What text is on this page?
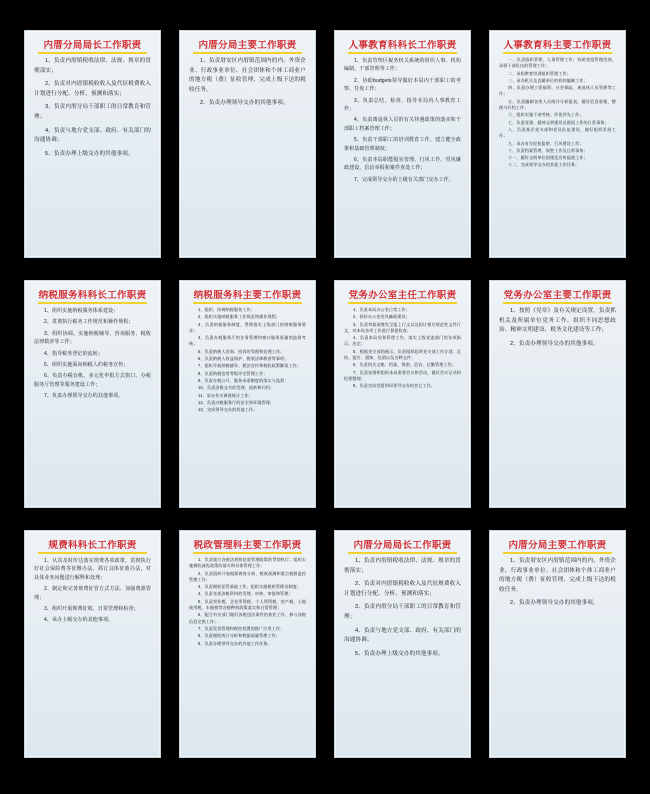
内厝分局局长工作职责

1、负责内厝镇税收法律、法规、规章的贯彻部实；

2、负责对内厝镇税收收入及代征税费收入计划进行分配、分析、预测和落实；

3、负责内厝分局干部职工的日常教育和管理；

4、负责与地方党支部、政府、有关部门的沟通协调；

5、负责办理上级交办的其他事项。

内厝分局主要工作职责

1、负责厝安区内厝镇范围内的内、外资企业、行政事业单位、社会团体和个体工商业户的地方税（费）征收管理，完成上级下达的税收任务。

2、负责办理领导交办的其他事项。

人事教育科科长工作职责

1、负责管理区税务机关系统的组织人事、机构编制、干部管理等工作；

2、协助budgets领导做好本局内干部职工的考察、任免工作；

3、负责总结、检查、指导本局内人事教育工作；

4、负责离退休人员的有关待遇政策的落实和干部职工档案管理工作；

5、负责干部职工的培训教育工作，建立健全政策和基础管理制度；

6、负责本局职能股室管理、行风工作、党风廉政建设、信访举报和案件查处工作；

7、完成领导交办的上级有关部门交办工作。

人事教育科主要工作职责

一、负责组织管理、人事管理工作；协助党组管理范围，承担干部队伍的管理工作；

二、承担教育培训组织管理工作；

三、承办机关及直属单位的机构编制工作；

四、负责办理工资福利、社会保险、离退休人员管理等工作；

五、负责编制各类人员统计分析报表，做好信息收集、整理与归档工作；

六、组织实施干部考核、评优评先工作；

七、负责党建、精神文明建设及群团工作的日常事务；

八、负责基层党支部和党员队伍建设，做好组织发展工作；

九、承办有关纪检监察、行风建设工作；

十、负责档案管理、保密工作及日常事务；

十一、做好文明单位创建及宣传报道工作；

十二、完成领导交办的其他工作任务。

纳税服务科科长工作职责

1、组织实施纳税服务体系建设；

2、贯彻执行税务工作规范和操作规程；

3、组织协调、实施纳税辅导、咨询服务、税收法律救济等工作；

4、指导税务登记的流转；

5、组织实施面向纳税人的税务宣传；

6、负责办税台帐、多元化申报方式窗口、办税服务厅管理等服务建设工作；

7、负责办理领导交办的其他事项。

纳税服务科主要工作职责

1、组织、协调纳税服务工作；

2、组织实施纳税服务工作规范和操作规程；

3、负责纳税服务制度，贯彻落实上级部门的纳税服务要求；

4、负责办税服务厅的业务管理和窗口服务质量的监督考核；

5、负责纳税人咨询、投诉的受理和处理工作；

6、负责纳税人权益保护、税收法律救济等事项；

7、组织开展纳税辅导、税法宣传和税收政策解读工作；

8、负责纳税信用等级评定管理工作；

9、负责办税公开、服务承诺制度的落实与监督；

10、负责涉税文书的受理、流转和归档；

11、承办有关调查统计工作；

12、负责办税服务厅的安全和环境管理；

13、完成领导交办的其他工作。

党务办公室主任工作职责

1、负责本局办公室日常工作；

2、抓好办公室党风廉政建设；

3、负责草拟或签发呈报上行文以及拟订相应规范性文件行文，对本局各项工作进行督促检查；

4、负责本局党务管理工作，落实上级党委部门的各项指示、决定；

5、根据党支部的指示，负责组织起草党支部工作计划、总结、报告、通知、信函以及各种文件；

6、负责机关文秘、档案、保密、信访、后勤管理工作；

7、负责安排和组织本局重要会议和活动，做好会议记录和纪要整理；

8、负责完成党组和局领导交办的其它工作。

党务办公室主要工作职责

1、按照《党章》及有关规定设置，负责抓机关及所属单位党务工作，组织不同思想政治、精神文明建设、税务文化建设等工作；

2、负责办理领导交办的其他事项。

规费科科长工作职责

1、认真及时传达落实规费各项政策，贯彻执行好社会保险费等征缴办法、抓订具体征收办法，对具体业务问题进行解释和处理；

2、制定和完善规费征管方式方法、加强费源管理；

3、组织开展规费征收、日常管理和检查；

4、承办上级交办的其他事项。

税政管理科主要工作职责

1、负责地方各税法规和征收管理政策的贯彻执行；组织实施税收减免政策的落实和具体管理工作；

2、负责组织开展税源调查分析、税收预测和重点税源监控管理工作；

3、负责税收征管基础工作，组织实施税收管理员制度；

4、负责各类涉税资料的受理、审核、审批和管理；

5、负责营业税、企业所得税、个人所得税、房产税、土地使用税、车船税等各税种的政策落实和日常管理；

6、配合有关部门做好涉税违法案件的查处工作，参与涉税信息交换工作；

7、负责发票管理和税控装置的推广应用工作；

8、负责税收统计分析和数据质量管理工作；

9、负责办理领导交办的其他工作任务。

内厝分局局长工作职责

1、负责内厝镇税收法律、法规、规章的贯彻落实；

2、负责对内厝镇税收收入及代征规费收入计划进行分配、分析、预测和落实；

3、负责内厝分局干部职工的日常教育和管理；

4、负责与地方党支部、政府、有关部门的沟通协调；

5、负责办理上级交办的其他事项。

内厝分局主要工作职责

1、负责厝安区内厝镇范围内的内、外资企业、行政事业单位、社会团体和个体工商业户的地方税（费）征收管理，完成上级下达的税收任务。

2、负责办理领导交办的其他事项。
